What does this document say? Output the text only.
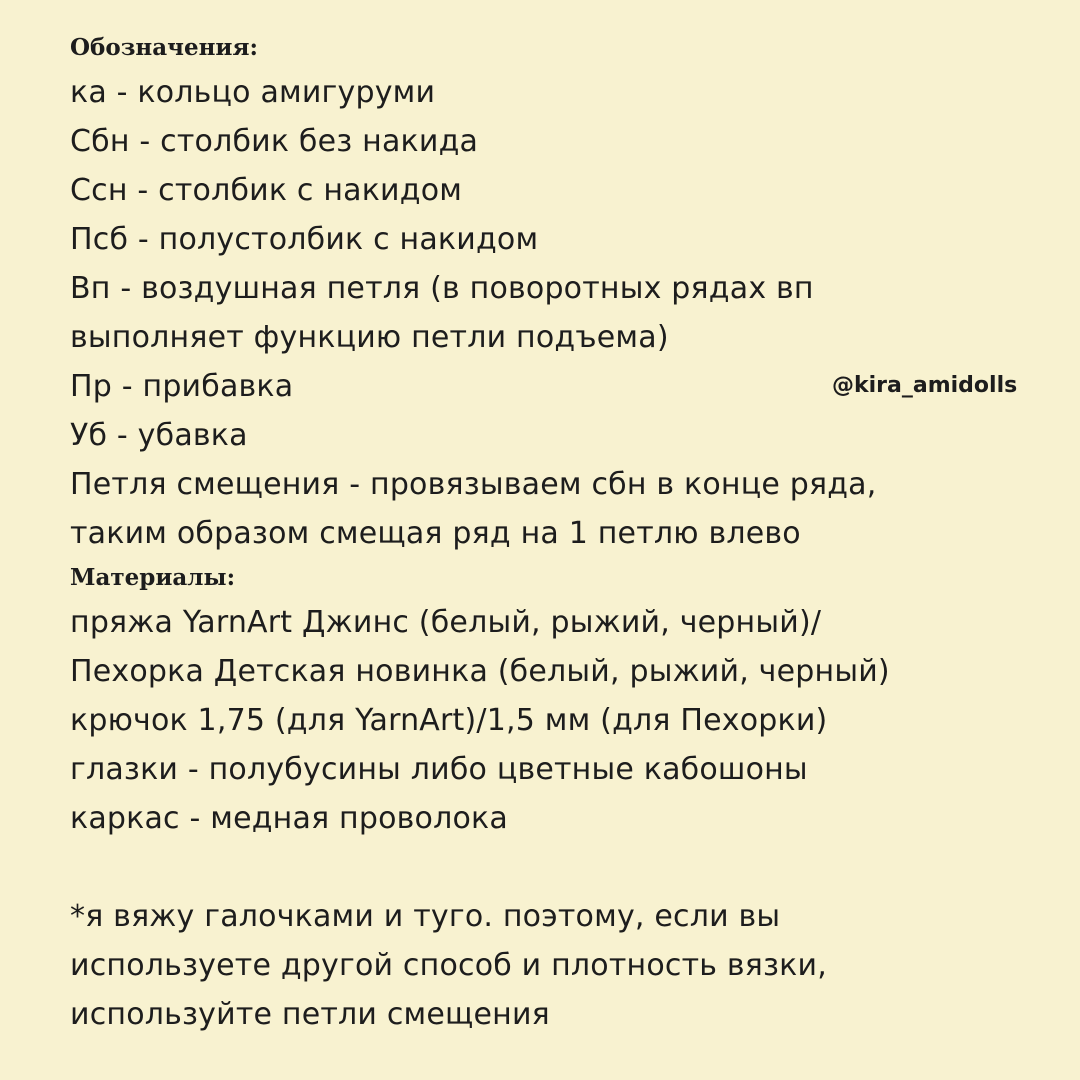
Обозначения:
ка - кольцо амигуруми
Сбн - столбик без накида
Ссн - столбик с накидом
Псб - полустолбик с накидом
Вп - воздушная петля (в поворотных рядах вп
выполняет функцию петли подъема)
Пр - прибавка
Уб - убавка
Петля смещения - провязываем сбн в конце ряда,
таким образом смещая ряд на 1 петлю влево
Материалы:
пряжа YarnArt Джинс (белый, рыжий, черный)/
Пехорка Детская новинка (белый, рыжий, черный)
крючок 1,75 (для YarnArt)/1,5 мм (для Пехорки)
глазки - полубусины либо цветные кабошоны
каркас - медная проволока
*я вяжу галочками и туго. поэтому, если вы
используете другой способ и плотность вязки,
используйте петли смещения
@kira_amidolls
